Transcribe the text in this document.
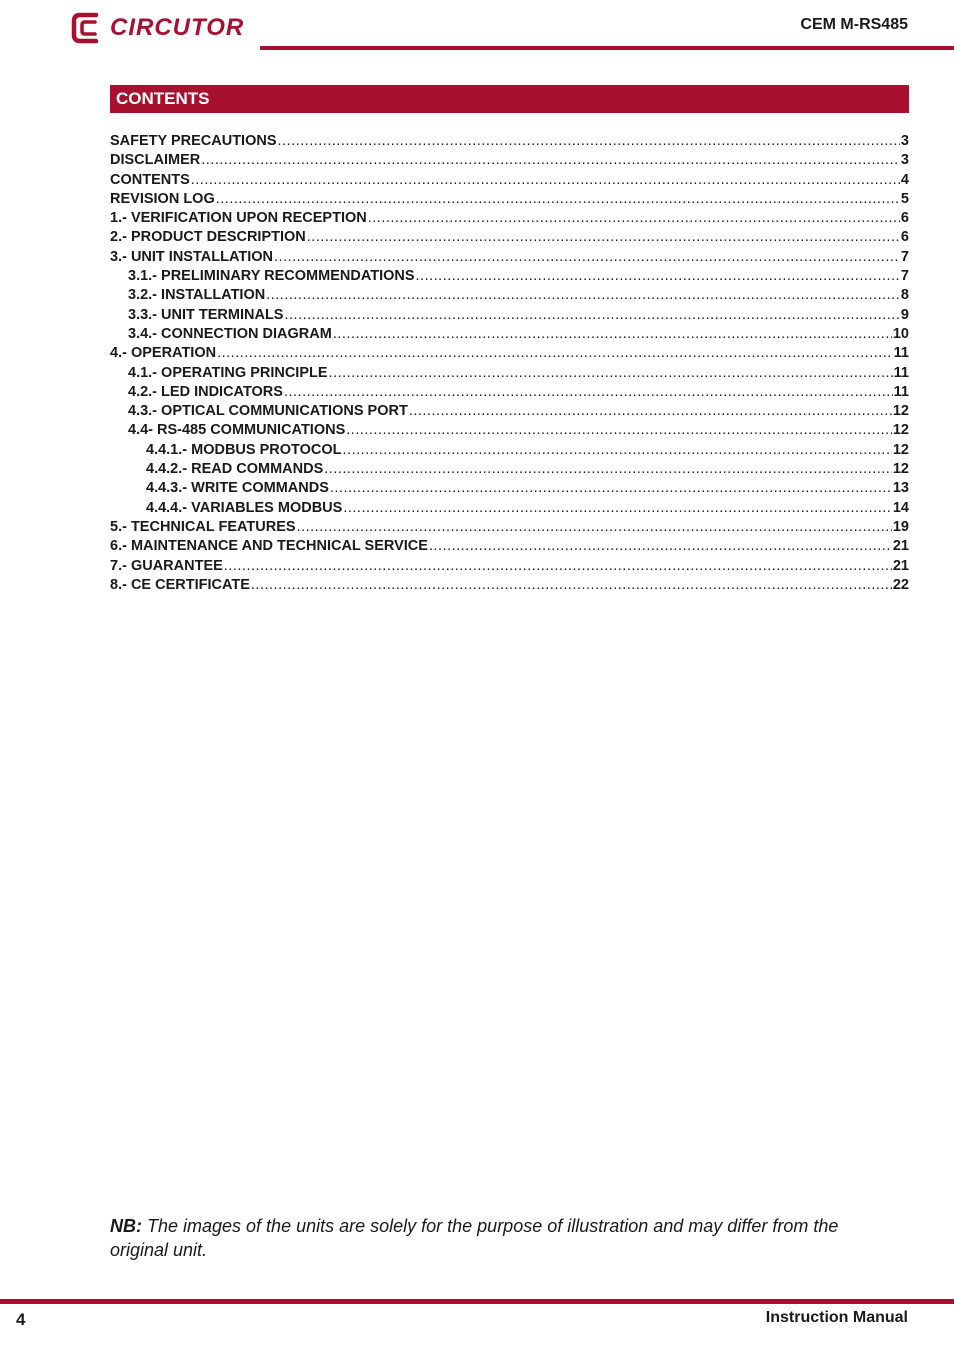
CIRCUTOR	CEM M-RS485
CONTENTS
SAFETY PRECAUTIONS .....	3
DISCLAIMER .....	3
CONTENTS .....	4
REVISION LOG .....	5
1.- VERIFICATION UPON RECEPTION .....	6
2.- PRODUCT DESCRIPTION .....	6
3.- UNIT INSTALLATION .....	7
3.1.- PRELIMINARY RECOMMENDATIONS .....	7
3.2.- INSTALLATION .....	8
3.3.- UNIT TERMINALS .....	9
3.4.- CONNECTION DIAGRAM .....	10
4.- OPERATION .....	11
4.1.- OPERATING PRINCIPLE .....	11
4.2.- LED INDICATORS .....	11
4.3.- OPTICAL COMMUNICATIONS PORT .....	12
4.4- RS-485 COMMUNICATIONS .....	12
4.4.1.- MODBUS PROTOCOL .....	12
4.4.2.- READ COMMANDS .....	12
4.4.3.- WRITE COMMANDS .....	13
4.4.4.- VARIABLES MODBUS .....	14
5.- TECHNICAL FEATURES .....	19
6.- MAINTENANCE AND TECHNICAL SERVICE .....	21
7.- GUARANTEE .....	21
8.- CE CERTIFICATE .....	22
NB: The images of the units are solely for the purpose of illustration and may differ from the original unit.
4	Instruction Manual
